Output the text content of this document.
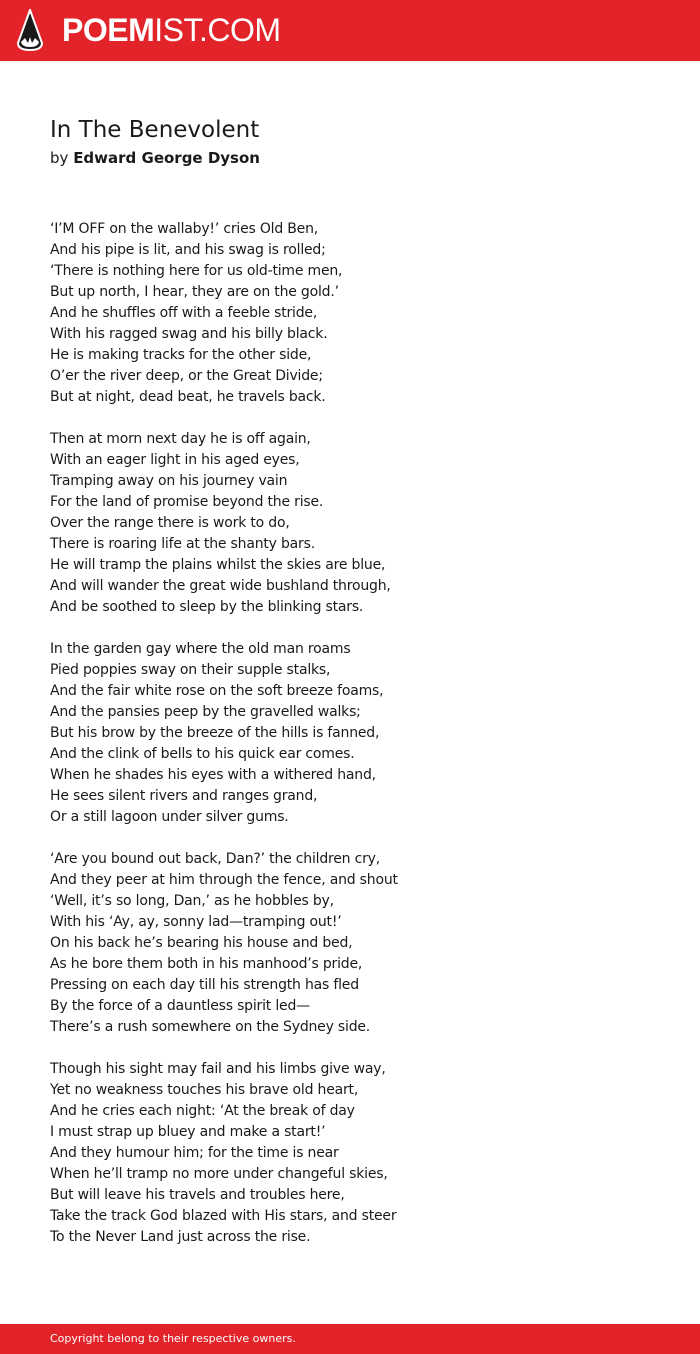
POEMIST.COM
In The Benevolent
by Edward George Dyson
‘I’M OFF on the wallaby!’ cries Old Ben,
And his pipe is lit, and his swag is rolled;
‘There is nothing here for us old-time men,
But up north, I hear, they are on the gold.’
And he shuffles off with a feeble stride,
With his ragged swag and his billy black.
He is making tracks for the other side,
O’er the river deep, or the Great Divide;
But at night, dead beat, he travels back.
Then at morn next day he is off again,
With an eager light in his aged eyes,
Tramping away on his journey vain
For the land of promise beyond the rise.
Over the range there is work to do,
There is roaring life at the shanty bars.
He will tramp the plains whilst the skies are blue,
And will wander the great wide bushland through,
And be soothed to sleep by the blinking stars.
In the garden gay where the old man roams
Pied poppies sway on their supple stalks,
And the fair white rose on the soft breeze foams,
And the pansies peep by the gravelled walks;
But his brow by the breeze of the hills is fanned,
And the clink of bells to his quick ear comes.
When he shades his eyes with a withered hand,
He sees silent rivers and ranges grand,
Or a still lagoon under silver gums.
‘Are you bound out back, Dan?’ the children cry,
And they peer at him through the fence, and shout
‘Well, it’s so long, Dan,’ as he hobbles by,
With his ‘Ay, ay, sonny lad—tramping out!’
On his back he’s bearing his house and bed,
As he bore them both in his manhood’s pride,
Pressing on each day till his strength has fled
By the force of a dauntless spirit led—
There’s a rush somewhere on the Sydney side.
Though his sight may fail and his limbs give way,
Yet no weakness touches his brave old heart,
And he cries each night: ‘At the break of day
I must strap up bluey and make a start!’
And they humour him; for the time is near
When he’ll tramp no more under changeful skies,
But will leave his travels and troubles here,
Take the track God blazed with His stars, and steer
To the Never Land just across the rise.
Copyright belong to their respective owners.
